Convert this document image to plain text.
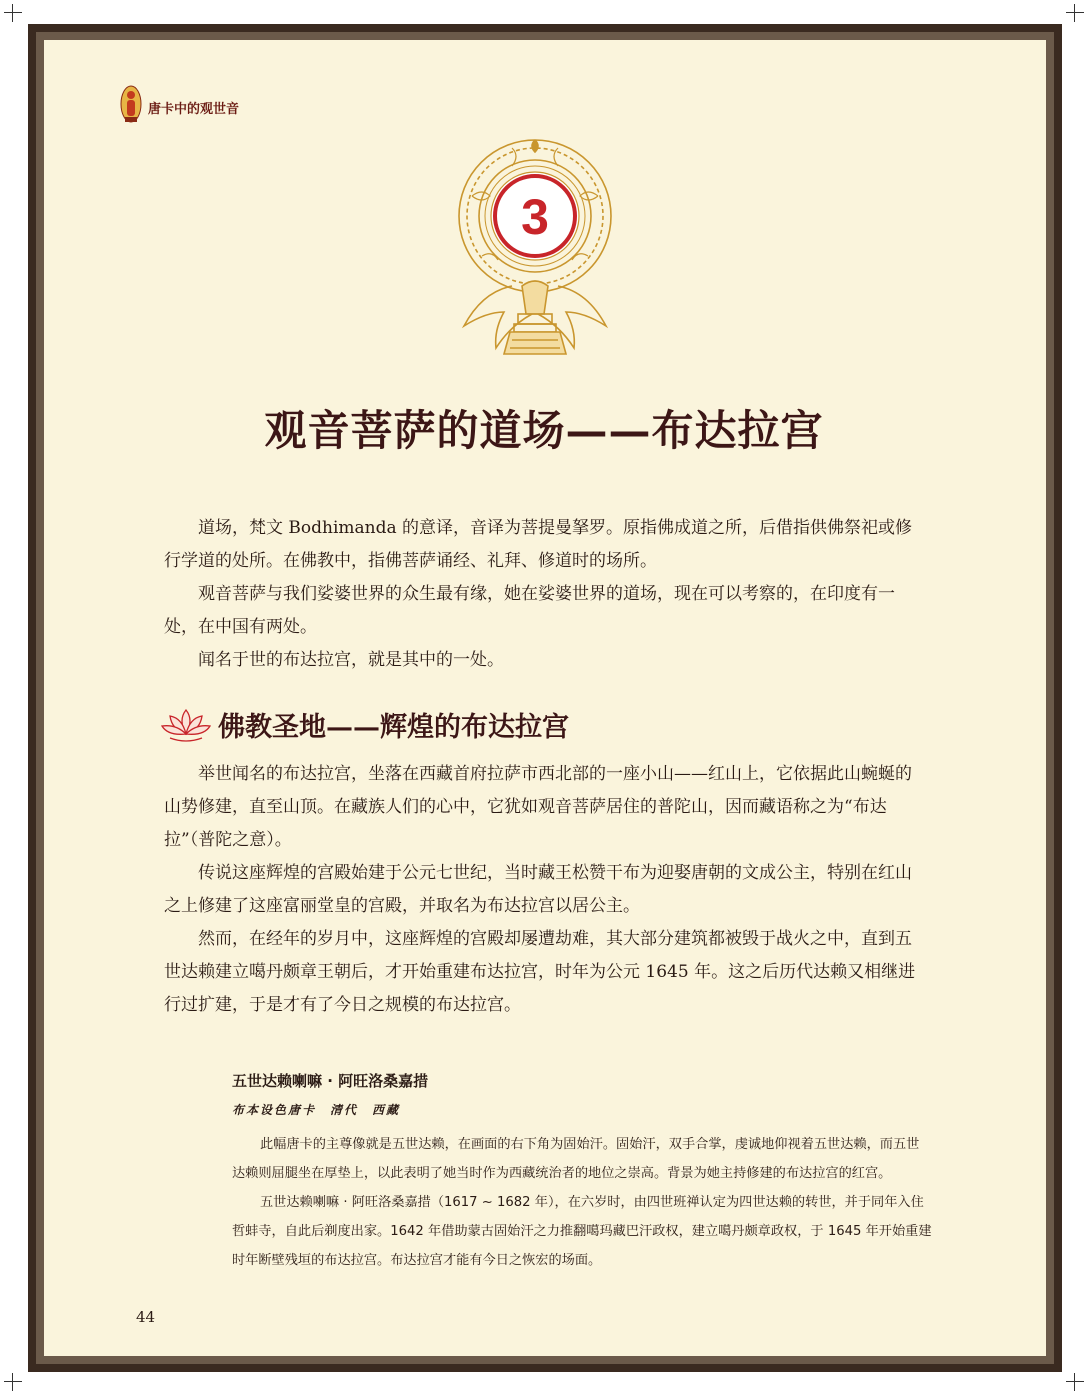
唐卡中的观世音
3
观音菩萨的道场——布达拉宫

道场，梵文 Bodhimanda 的意译，音译为菩提曼拏罗。原指佛成道之所，后借指供佛祭祀或修行学道的处所。在佛教中，指佛菩萨诵经、礼拜、修道时的场所。

观音菩萨与我们娑婆世界的众生最有缘，她在娑婆世界的道场，现在可以考察的，在印度有一处，在中国有两处。

闻名于世的布达拉宫，就是其中的一处。

佛教圣地——辉煌的布达拉宫

举世闻名的布达拉宫，坐落在西藏首府拉萨市西北部的一座小山——红山上，它依据此山蜿蜒的山势修建，直至山顶。在藏族人们的心中，它犹如观音菩萨居住的普陀山，因而藏语称之为“布达拉”（普陀之意）。

传说这座辉煌的宫殿始建于公元七世纪，当时藏王松赞干布为迎娶唐朝的文成公主，特别在红山之上修建了这座富丽堂皇的宫殿，并取名为布达拉宫以居公主。

然而，在经年的岁月中，这座辉煌的宫殿却屡遭劫难，其大部分建筑都被毁于战火之中，直到五世达赖建立噶丹颇章王朝后，才开始重建布达拉宫，时年为公元 1645 年。这之后历代达赖又相继进行过扩建，于是才有了今日之规模的布达拉宫。

五世达赖喇嘛 · 阿旺洛桑嘉措
布本设色唐卡　清代　西藏

此幅唐卡的主尊像就是五世达赖，在画面的右下角为固始汗。固始汗，双手合掌，虔诚地仰视着五世达赖，而五世达赖则屈腿坐在厚垫上，以此表明了她当时作为西藏统治者的地位之崇高。背景为她主持修建的布达拉宫的红宫。

五世达赖喇嘛 · 阿旺洛桑嘉措（1617 ~ 1682 年），在六岁时，由四世班禅认定为四世达赖的转世，并于同年入住哲蚌寺，自此后剃度出家。1642 年借助蒙古固始汗之力推翻噶玛藏巴汗政权，建立噶丹颇章政权，于 1645 年开始重建时年断壁残垣的布达拉宫。布达拉宫才能有今日之恢宏的场面。

44
